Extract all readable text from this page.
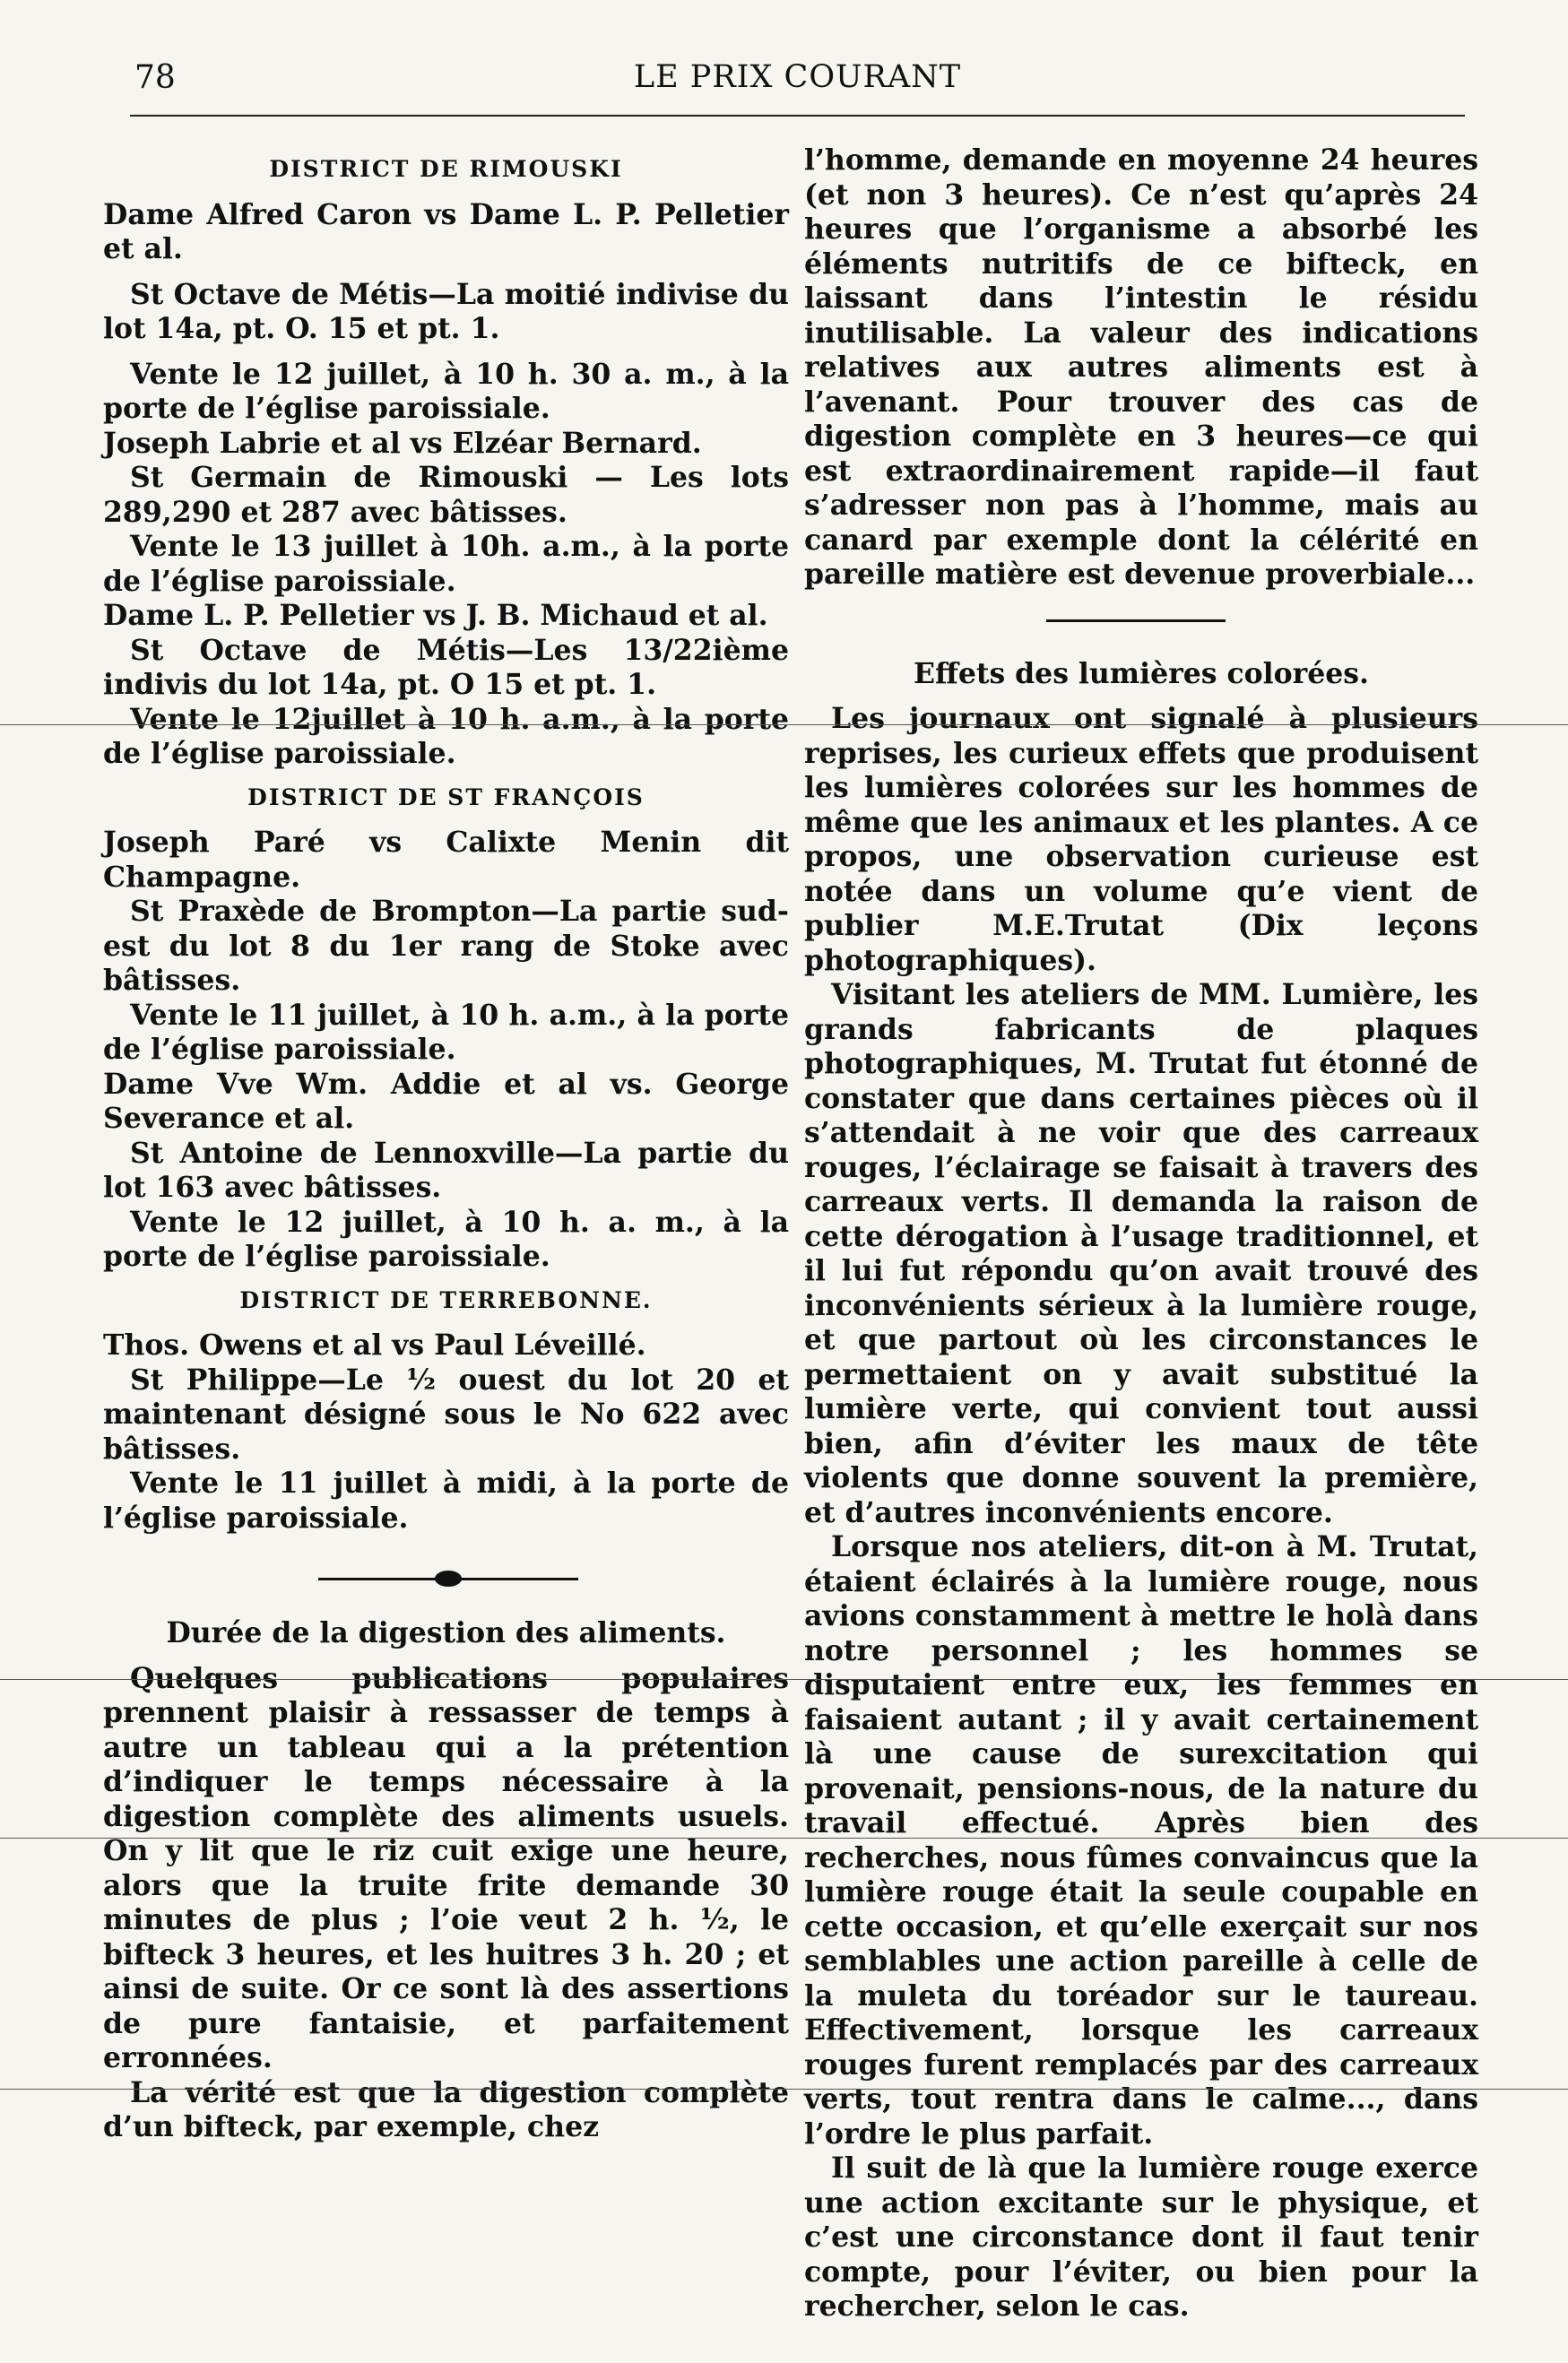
78	LE PRIX COURANT
DISTRICT DE RIMOUSKI

Dame Alfred Caron vs Dame L. P. Pelletier et al.

St Octave de Métis—La moitié indivise du lot 14a, pt. O. 15 et pt. 1.

Vente le 12 juillet, à 10 h. 30 a. m., à la porte de l’église paroissiale.

Joseph Labrie et al vs Elzéar Bernard.

St Germain de Rimouski — Les lots 289,290 et 287 avec bâtisses.

Vente le 13 juillet à 10h. a.m., à la porte de l’église paroissiale.

Dame L. P. Pelletier vs J. B. Michaud et al.

St Octave de Métis—Les 13/22ième indivis du lot 14a, pt. O 15 et pt. 1.

Vente le 12juillet à 10 h. a.m., à la porte de l’église paroissiale.

DISTRICT DE ST FRANÇOIS

Joseph Paré vs Calixte Menin dit Champagne.

St Praxède de Brompton—La partie sud-est du lot 8 du 1er rang de Stoke avec bâtisses.

Vente le 11 juillet, à 10 h. a.m., à la porte de l’église paroissiale.

Dame Vve Wm. Addie et al vs. George Severance et al.

St Antoine de Lennoxville—La partie du lot 163 avec bâtisses.

Vente le 12 juillet, à 10 h. a. m., à la porte de l’église paroissiale.

DISTRICT DE TERREBONNE.

Thos. Owens et al vs Paul Léveillé.

St Philippe—Le ½ ouest du lot 20 et maintenant désigné sous le No 622 avec bâtisses.

Vente le 11 juillet à midi, à la porte de l’église paroissiale.

Durée de la digestion des aliments.

Quelques publications populaires prennent plaisir à ressasser de temps à autre un tableau qui a la prétention d’indiquer le temps nécessaire à la digestion complète des aliments usuels. On y lit que le riz cuit exige une heure, alors que la truite frite demande 30 minutes de plus ; l’oie veut 2 h. ½, le bifteck 3 heures, et les huitres 3 h. 20 ; et ainsi de suite. Or ce sont là des assertions de pure fantaisie, et parfaitement erronnées.

La vérité est que la digestion complète d’un bifteck, par exemple, chez

l’homme, demande en moyenne 24 heures (et non 3 heures). Ce n’est qu’après 24 heures que l’organisme a absorbé les éléments nutritifs de ce bifteck, en laissant dans l’intestin le résidu inutilisable. La valeur des indications relatives aux autres aliments est à l’avenant. Pour trouver des cas de digestion complète en 3 heures—ce qui est extraordinairement rapide—il faut s’adresser non pas à l’homme, mais au canard par exemple dont la célérité en pareille matière est devenue proverbiale...

Effets des lumières colorées.

Les journaux ont signalé à plusieurs reprises, les curieux effets que produisent les lumières colorées sur les hommes de même que les animaux et les plantes. A ce propos, une observation curieuse est notée dans un volume qu’e vient de publier M.E.Trutat (Dix leçons photographiques).

Visitant les ateliers de MM. Lumière, les grands fabricants de plaques photographiques, M. Trutat fut étonné de constater que dans certaines pièces où il s’attendait à ne voir que des carreaux rouges, l’éclairage se faisait à travers des carreaux verts. Il demanda la raison de cette dérogation à l’usage traditionnel, et il lui fut répondu qu’on avait trouvé des inconvénients sérieux à la lumière rouge, et que partout où les circonstances le permettaient on y avait substitué la lumière verte, qui convient tout aussi bien, afin d’éviter les maux de tête violents que donne souvent la première, et d’autres inconvénients encore.

Lorsque nos ateliers, dit-on à M. Trutat, étaient éclairés à la lumière rouge, nous avions constamment à mettre le holà dans notre personnel ; les hommes se disputaient entre eux, les femmes en faisaient autant ; il y avait certainement là une cause de surexcitation qui provenait, pensions-nous, de la nature du travail effectué. Après bien des recherches, nous fûmes convaincus que la lumière rouge était la seule coupable en cette occasion, et qu’elle exerçait sur nos semblables une action pareille à celle de la muleta du toréador sur le taureau. Effectivement, lorsque les carreaux rouges furent remplacés par des carreaux verts, tout rentra dans le calme..., dans l’ordre le plus parfait.

Il suit de là que la lumière rouge exerce une action excitante sur le physique, et c’est une circonstance dont il faut tenir compte, pour l’éviter, ou bien pour la rechercher, selon le cas.
